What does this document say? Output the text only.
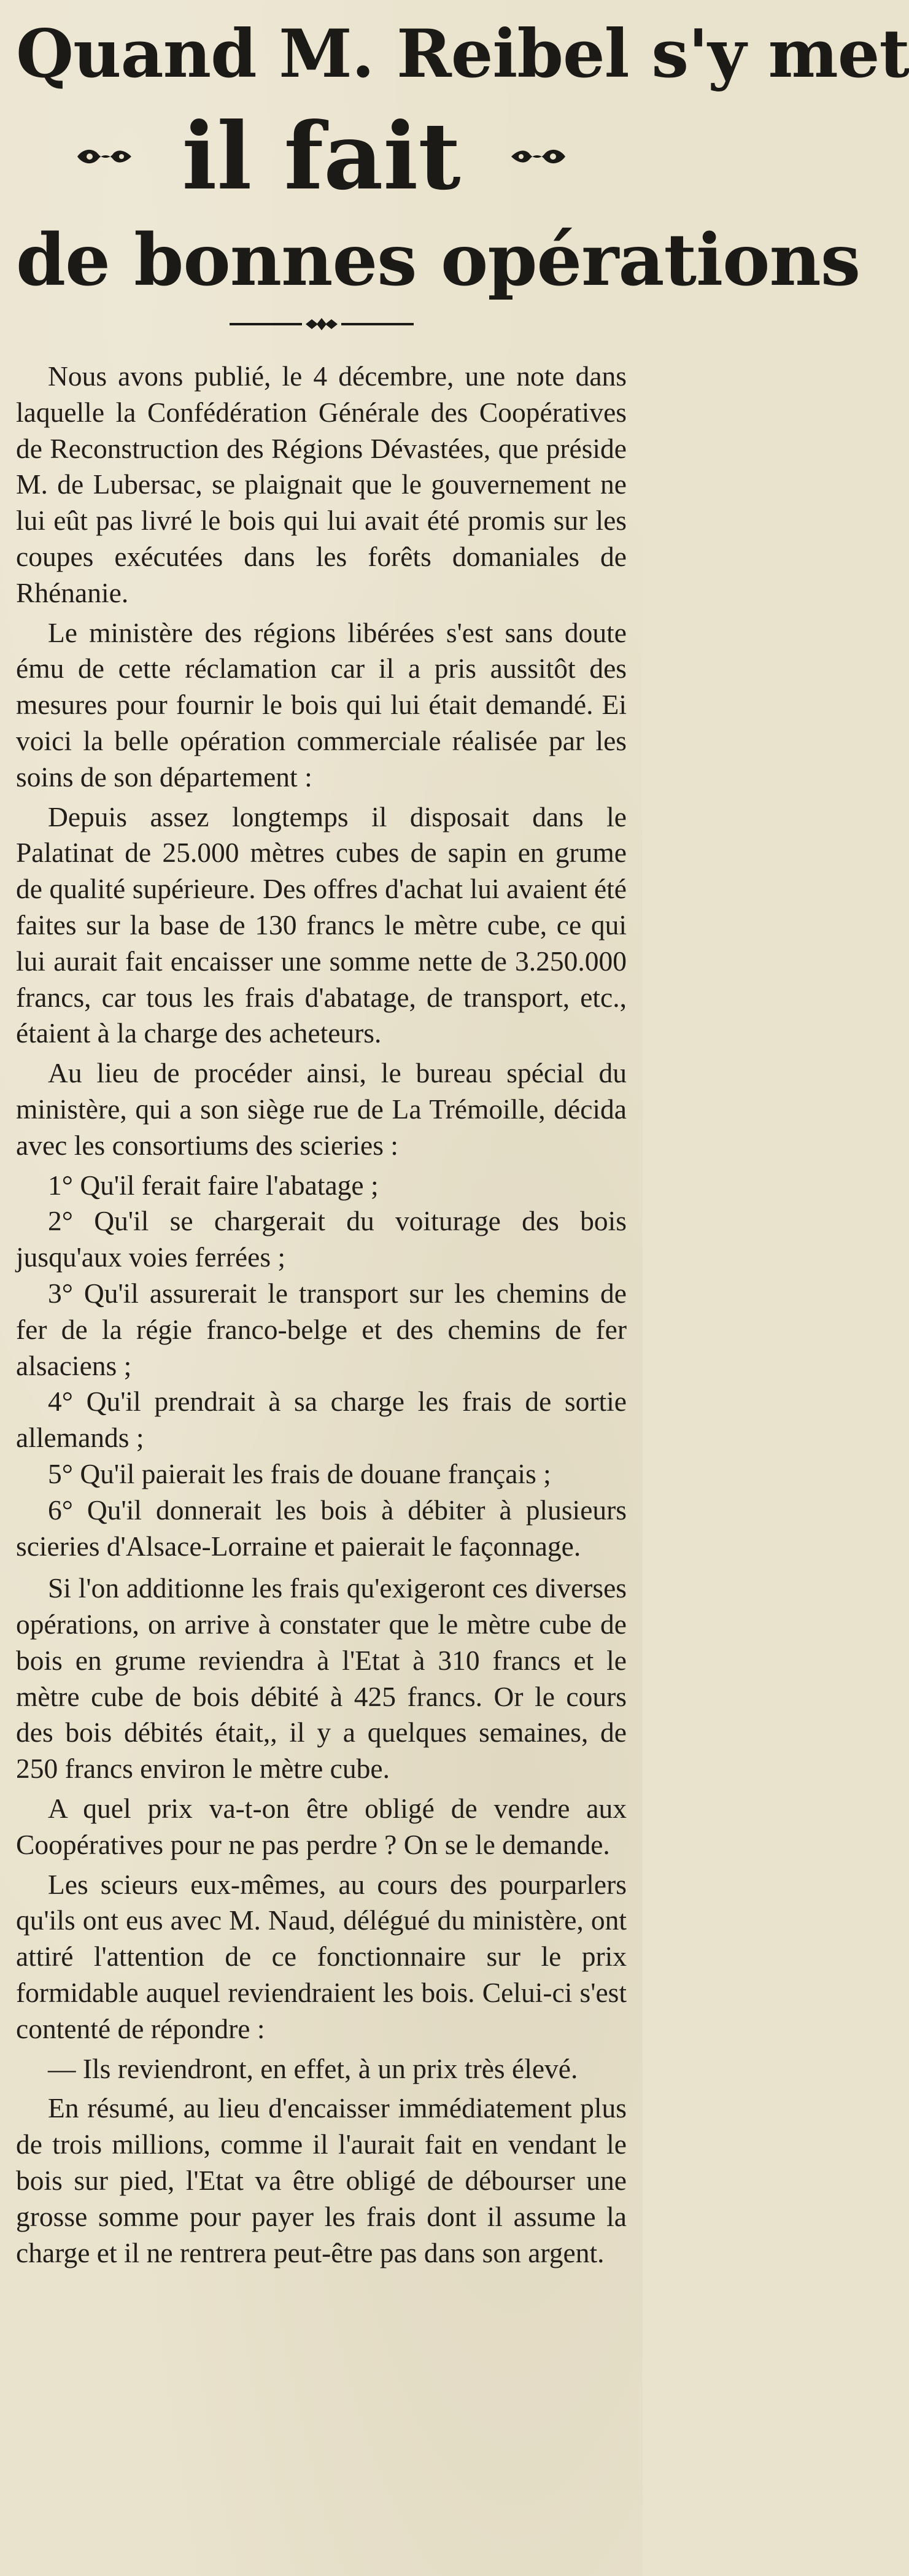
Quand M. Reibel s'y met
il fait
de bonnes opérations

Nous avons publié, le 4 décembre, une note dans laquelle la Confédération Générale des Coopératives de Reconstruction des Régions Dévastées, que préside M. de Lubersac, se plaignait que le gouvernement ne lui eût pas livré le bois qui lui avait été promis sur les coupes exécutées dans les forêts domaniales de Rhénanie.

Le ministère des régions libérées s'est sans doute ému de cette réclamation car il a pris aussitôt des mesures pour fournir le bois qui lui était demandé. Ei voici la belle opération commerciale réalisée par les soins de son département :

Depuis assez longtemps il disposait dans le Palatinat de 25.000 mètres cubes de sapin en grume de qualité supérieure. Des offres d'achat lui avaient été faites sur la base de 130 francs le mètre cube, ce qui lui aurait fait encaisser une somme nette de 3.250.000 francs, car tous les frais d'abatage, de transport, etc., étaient à la charge des acheteurs.

Au lieu de procéder ainsi, le bureau spécial du ministère, qui a son siège rue de La Trémoille, décida avec les consortiums des scieries :

1° Qu'il ferait faire l'abatage ;

2° Qu'il se chargerait du voiturage des bois jusqu'aux voies ferrées ;

3° Qu'il assurerait le transport sur les chemins de fer de la régie franco-belge et des chemins de fer alsaciens ;

4° Qu'il prendrait à sa charge les frais de sortie allemands ;

5° Qu'il paierait les frais de douane français ;

6° Qu'il donnerait les bois à débiter à plusieurs scieries d'Alsace-Lorraine et paierait le façonnage.

Si l'on additionne les frais qu'exigeront ces diverses opérations, on arrive à constater que le mètre cube de bois en grume reviendra à l'Etat à 310 francs et le mètre cube de bois débité à 425 francs. Or le cours des bois débités était,, il y a quelques semaines, de 250 francs environ le mètre cube.

A quel prix va-t-on être obligé de vendre aux Coopératives pour ne pas perdre ? On se le demande.

Les scieurs eux-mêmes, au cours des pourparlers qu'ils ont eus avec M. Naud, délégué du ministère, ont attiré l'attention de ce fonctionnaire sur le prix formidable auquel reviendraient les bois. Celui-ci s'est contenté de répondre :

— Ils reviendront, en effet, à un prix très élevé.

En résumé, au lieu d'encaisser immédiatement plus de trois millions, comme il l'aurait fait en vendant le bois sur pied, l'Etat va être obligé de débourser une grosse somme pour payer les frais dont il assume la charge et il ne rentrera peut-être pas dans son argent.
